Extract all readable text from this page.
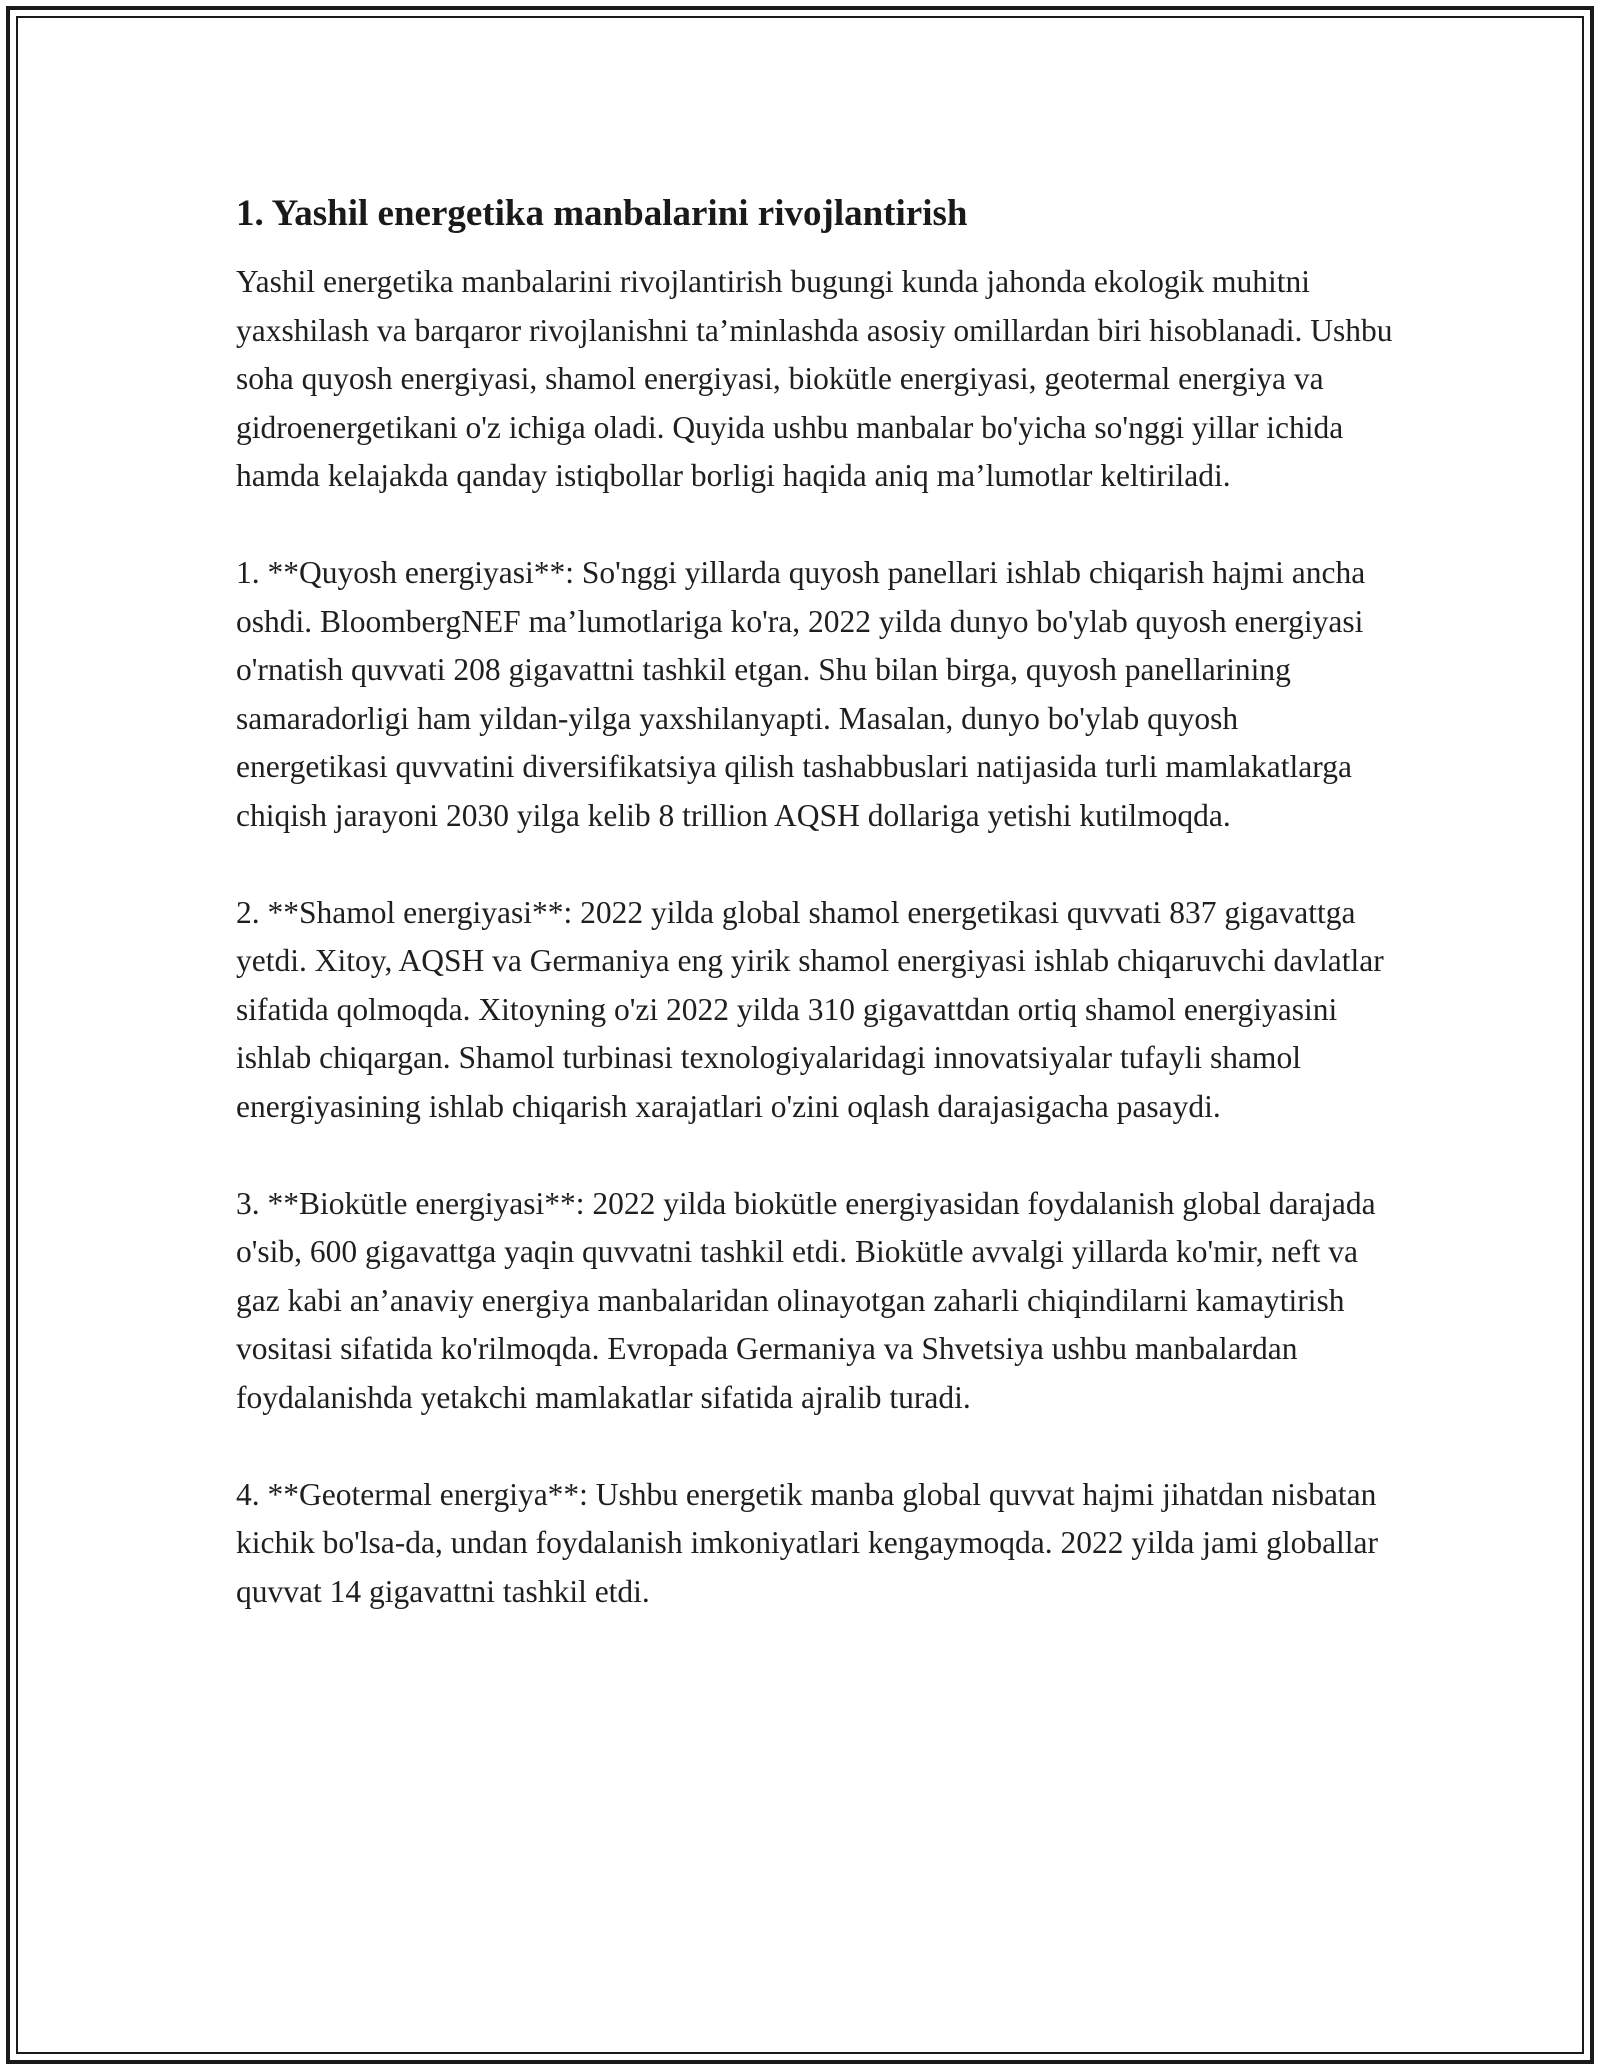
1. Yashil energetika manbalarini rivojlantirish

Yashil energetika manbalarini rivojlantirish bugungi kunda jahonda ekologik muhitni yaxshilash va barqaror rivojlanishni ta’minlashda asosiy omillardan biri hisoblanadi. Ushbu soha quyosh energiyasi, shamol energiyasi, biokütle energiyasi, geotermal energiya va gidroenergetikani o'z ichiga oladi. Quyida ushbu manbalar bo'yicha so'nggi yillar ichida hamda kelajakda qanday istiqbollar borligi haqida aniq ma’lumotlar keltiriladi.

1. **Quyosh energiyasi**: So'nggi yillarda quyosh panellari ishlab chiqarish hajmi ancha oshdi. BloombergNEF ma’lumotlariga ko'ra, 2022 yilda dunyo bo'ylab quyosh energiyasi o'rnatish quvvati 208 gigavattni tashkil etgan. Shu bilan birga, quyosh panellarining samaradorligi ham yildan-yilga yaxshilanyapti. Masalan, dunyo bo'ylab quyosh energetikasi quvvatini diversifikatsiya qilish tashabbuslari natijasida turli mamlakatlarga chiqish jarayoni 2030 yilga kelib 8 trillion AQSH dollariga yetishi kutilmoqda.

2. **Shamol energiyasi**: 2022 yilda global shamol energetikasi quvvati 837 gigavattga yetdi. Xitoy, AQSH va Germaniya eng yirik shamol energiyasi ishlab chiqaruvchi davlatlar sifatida qolmoqda. Xitoyning o'zi 2022 yilda 310 gigavattdan ortiq shamol energiyasini ishlab chiqargan. Shamol turbinasi texnologiyalaridagi innovatsiyalar tufayli shamol energiyasining ishlab chiqarish xarajatlari o'zini oqlash darajasigacha pasaydi.

3. **Biokütle energiyasi**: 2022 yilda biokütle energiyasidan foydalanish global darajada o'sib, 600 gigavattga yaqin quvvatni tashkil etdi. Biokütle avvalgi yillarda ko'mir, neft va gaz kabi an’anaviy energiya manbalaridan olinayotgan zaharli chiqindilarni kamaytirish vositasi sifatida ko'rilmoqda. Evropada Germaniya va Shvetsiya ushbu manbalardan foydalanishda yetakchi mamlakatlar sifatida ajralib turadi.

4. **Geotermal energiya**: Ushbu energetik manba global quvvat hajmi jihatdan nisbatan kichik bo'lsa-da, undan foydalanish imkoniyatlari kengaymoqda. 2022 yilda jami globallar quvvat 14 gigavattni tashkil etdi.
